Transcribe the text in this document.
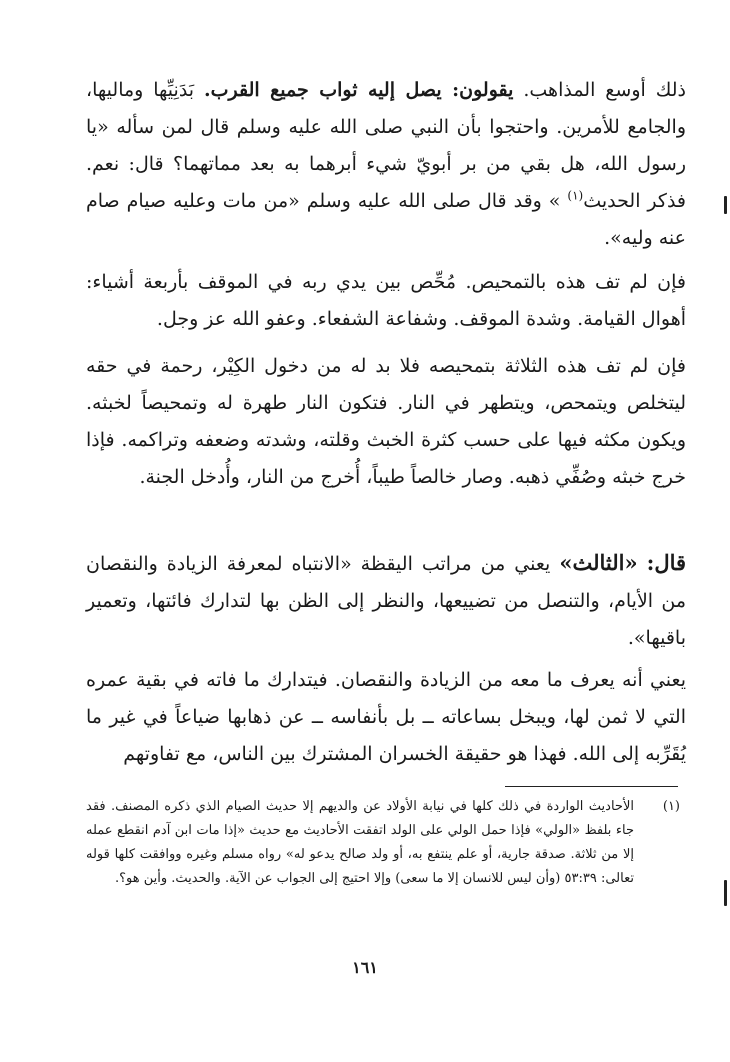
ذلك أوسع المذاهب. يقولون: يصل إليه ثواب جميع القرب. بَدَنِيِّها وماليها، والجامع للأمرين. واحتجوا بأن النبي صلى الله عليه وسلم قال لمن سأله «يا رسول الله، هل بقي من بر أبويّ شيء أبرهما به بعد مماتهما؟ قال: نعم. فذكر الحديث$^{(١)}$ » وقد قال صلى الله عليه وسلم «من مات وعليه صيام صام عنه وليه».
فإن لم تف هذه بالتمحيص. مُحِّص بين يدي ربه في الموقف بأربعة أشياء: أهوال القيامة. وشدة الموقف. وشفاعة الشفعاء. وعفو الله عز وجل.
فإن لم تف هذه الثلاثة بتمحيصه فلا بد له من دخول الكِيْر، رحمة في حقه ليتخلص ويتمحص، ويتطهر في النار. فتكون النار طهرة له وتمحيصاً لخبثه. ويكون مكثه فيها على حسب كثرة الخبث وقلته، وشدته وضعفه وتراكمه. فإذا خرج خبثه وصُفِّي ذهبه. وصار خالصاً طيباً، أُخرج من النار، وأُدخل الجنة.
قال: «الثالث» يعني من مراتب اليقظة «الانتباه لمعرفة الزيادة والنقصان من الأيام، والتنصل من تضييعها، والنظر إلى الظن بها لتدارك فائتها، وتعمير باقيها».
يعني أنه يعرف ما معه من الزيادة والنقصان. فيتدارك ما فاته في بقية عمره التي لا ثمن لها، ويبخل بساعاته ــ بل بأنفاسه ــ عن ذهابها ضياعاً في غير ما يُقَرِّبه إلى الله. فهذا هو حقيقة الخسران المشترك بين الناس، مع تفاوتهم
(١)
الأحاديث الواردة في ذلك كلها في نيابة الأولاد عن والديهم إلا حديث الصيام الذي ذكره المصنف. فقد جاء بلفظ «الولي» فإذا حمل الولي على الولد اتفقت الأحاديث مع حديث «إذا مات ابن آدم انقطع عمله إلا من ثلاثة. صدقة جارية، أو علم ينتفع به، أو ولد صالح يدعو له» رواه مسلم وغيره ووافقت كلها قوله تعالى: ٥٣:٣٩ (وأن ليس للانسان إلا ما سعى) وإلا احتيج إلى الجواب عن الآية. والحديث. وأين هو؟.
١٦١
